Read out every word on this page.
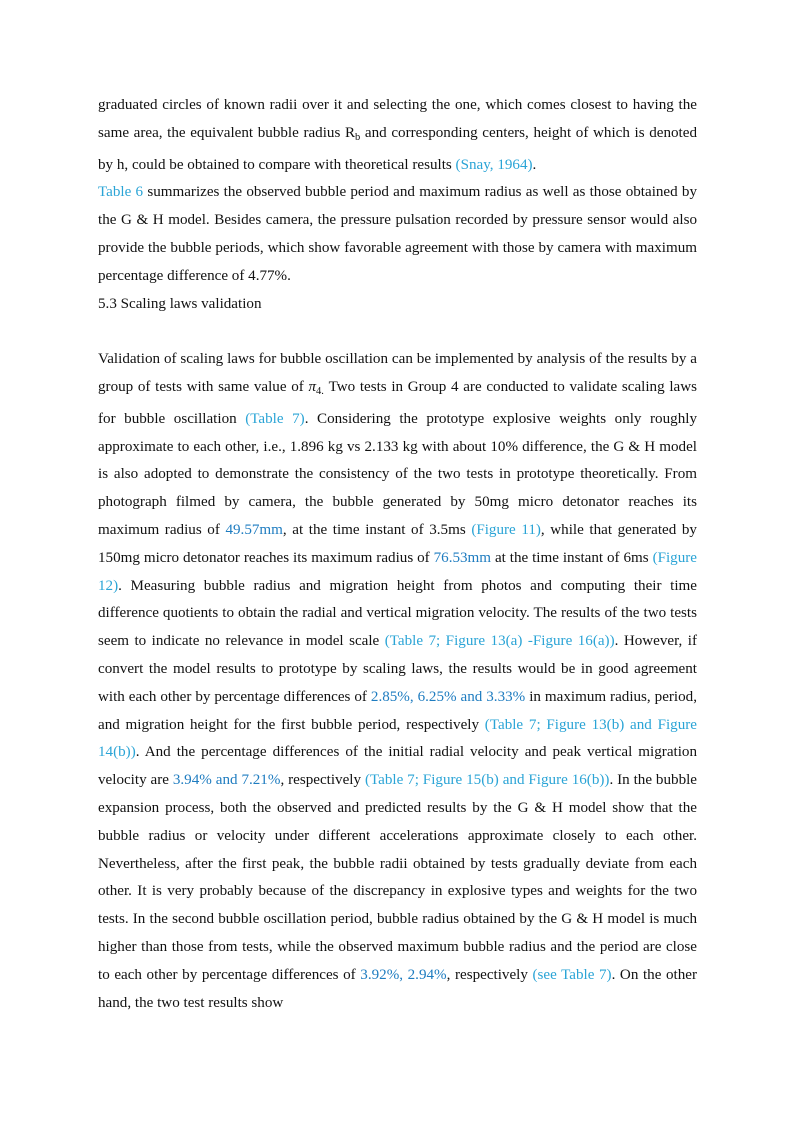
graduated circles of known radii over it and selecting the one, which comes closest to having the same area, the equivalent bubble radius $R_b$ and corresponding centers, height of which is denoted by h, could be obtained to compare with theoretical results (Snay, 1964).

Table 6 summarizes the observed bubble period and maximum radius as well as those obtained by the G & H model. Besides camera, the pressure pulsation recorded by pressure sensor would also provide the bubble periods, which show favorable agreement with those by camera with maximum percentage difference of 4.77%.

5.3 Scaling laws validation

Validation of scaling laws for bubble oscillation can be implemented by analysis of the results by a group of tests with same value of $\pi_{4.}$ Two tests in Group 4 are conducted to validate scaling laws for bubble oscillation (Table 7). Considering the prototype explosive weights only roughly approximate to each other, i.e., 1.896 kg vs 2.133 kg with about 10% difference, the G & H model is also adopted to demonstrate the consistency of the two tests in prototype theoretically. From photograph filmed by camera, the bubble generated by 50mg micro detonator reaches its maximum radius of 49.57mm, at the time instant of 3.5ms (Figure 11), while that generated by 150mg micro detonator reaches its maximum radius of 76.53mm at the time instant of 6ms (Figure 12). Measuring bubble radius and migration height from photos and computing their time difference quotients to obtain the radial and vertical migration velocity. The results of the two tests seem to indicate no relevance in model scale (Table 7; Figure 13(a) -Figure 16(a)). However, if convert the model results to prototype by scaling laws, the results would be in good agreement with each other by percentage differences of 2.85%, 6.25% and 3.33% in maximum radius, period, and migration height for the first bubble period, respectively (Table 7; Figure 13(b) and Figure 14(b)). And the percentage differences of the initial radial velocity and peak vertical migration velocity are 3.94% and 7.21%, respectively (Table 7; Figure 15(b) and Figure 16(b)). In the bubble expansion process, both the observed and predicted results by the G & H model show that the bubble radius or velocity under different accelerations approximate closely to each other. Nevertheless, after the first peak, the bubble radii obtained by tests gradually deviate from each other. It is very probably because of the discrepancy in explosive types and weights for the two tests. In the second bubble oscillation period, bubble radius obtained by the G & H model is much higher than those from tests, while the observed maximum bubble radius and the period are close to each other by percentage differences of 3.92%, 2.94%, respectively (see Table 7). On the other hand, the two test results show
